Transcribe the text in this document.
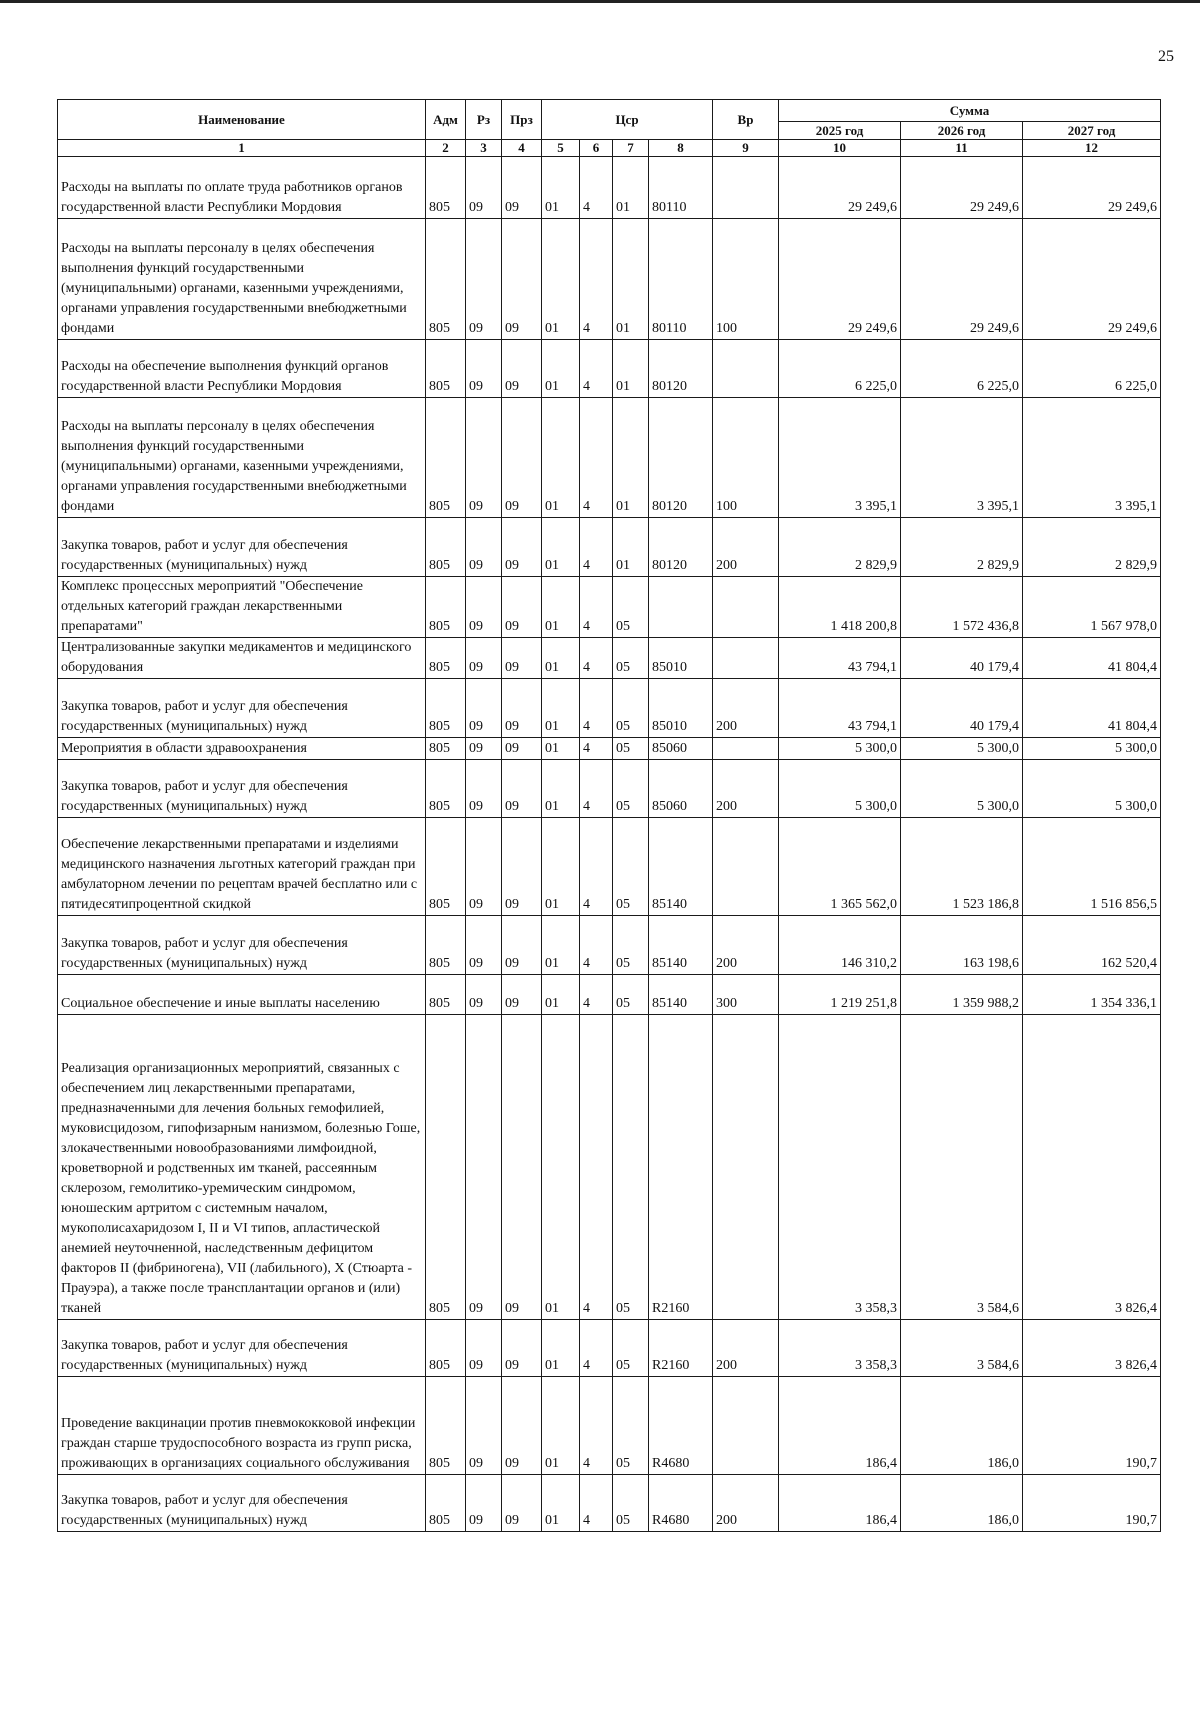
25
Наименование	Адм	Рз	Прз	Цср				Вр	Сумма		
									2025 год	2026 год	2027 год
1	2	3	4	5	6	7	8	9	10	11	12
Расходы на выплаты по оплате труда работников органов государственной власти Республики Мордовия	805	09	09	01	4	01	80110		29 249,6	29 249,6	29 249,6
Расходы на выплаты персоналу в целях обеспечения выполнения функций государственными (муниципальными) органами, казенными учреждениями, органами управления государственными внебюджетными фондами	805	09	09	01	4	01	80110	100	29 249,6	29 249,6	29 249,6
Расходы на обеспечение выполнения функций органов государственной власти Республики Мордовия	805	09	09	01	4	01	80120		6 225,0	6 225,0	6 225,0
Расходы на выплаты персоналу в целях обеспечения выполнения функций государственными (муниципальными) органами, казенными учреждениями, органами управления государственными внебюджетными фондами	805	09	09	01	4	01	80120	100	3 395,1	3 395,1	3 395,1
Закупка товаров, работ и услуг для обеспечения государственных (муниципальных) нужд	805	09	09	01	4	01	80120	200	2 829,9	2 829,9	2 829,9
Комплекс процессных мероприятий "Обеспечение отдельных категорий граждан лекарственными препаратами"	805	09	09	01	4	05			1 418 200,8	1 572 436,8	1 567 978,0
Централизованные закупки медикаментов и медицинского оборудования	805	09	09	01	4	05	85010		43 794,1	40 179,4	41 804,4
Закупка товаров, работ и услуг для обеспечения государственных (муниципальных) нужд	805	09	09	01	4	05	85010	200	43 794,1	40 179,4	41 804,4
Мероприятия в области здравоохранения	805	09	09	01	4	05	85060		5 300,0	5 300,0	5 300,0
Закупка товаров, работ и услуг для обеспечения государственных (муниципальных) нужд	805	09	09	01	4	05	85060	200	5 300,0	5 300,0	5 300,0
Обеспечение лекарственными препаратами и изделиями медицинского назначения льготных категорий граждан при амбулаторном лечении по рецептам врачей бесплатно или с пятидесятипроцентной скидкой	805	09	09	01	4	05	85140		1 365 562,0	1 523 186,8	1 516 856,5
Закупка товаров, работ и услуг для обеспечения государственных (муниципальных) нужд	805	09	09	01	4	05	85140	200	146 310,2	163 198,6	162 520,4
Социальное обеспечение и иные выплаты населению	805	09	09	01	4	05	85140	300	1 219 251,8	1 359 988,2	1 354 336,1
Реализация организационных мероприятий, связанных с обеспечением лиц лекарственными препаратами, предназначенными для лечения больных гемофилией, муковисцидозом, гипофизарным нанизмом, болезнью Гоше, злокачественными новообразованиями лимфоидной, кроветворной и родственных им тканей, рассеянным склерозом, гемолитико-уремическим синдромом, юношеским артритом с системным началом, мукополисахаридозом I, II и VI типов, апластической анемией неуточненной, наследственным дефицитом факторов II (фибриногена), VII (лабильного), X (Стюарта - Прауэра), а также после трансплантации органов и (или) тканей	805	09	09	01	4	05	R2160		3 358,3	3 584,6	3 826,4
Закупка товаров, работ и услуг для обеспечения государственных (муниципальных) нужд	805	09	09	01	4	05	R2160	200	3 358,3	3 584,6	3 826,4
Проведение вакцинации против пневмококковой инфекции граждан старше трудоспособного возраста из групп риска, проживающих в организациях социального обслуживания	805	09	09	01	4	05	R4680		186,4	186,0	190,7
Закупка товаров, работ и услуг для обеспечения государственных (муниципальных) нужд	805	09	09	01	4	05	R4680	200	186,4	186,0	190,7
